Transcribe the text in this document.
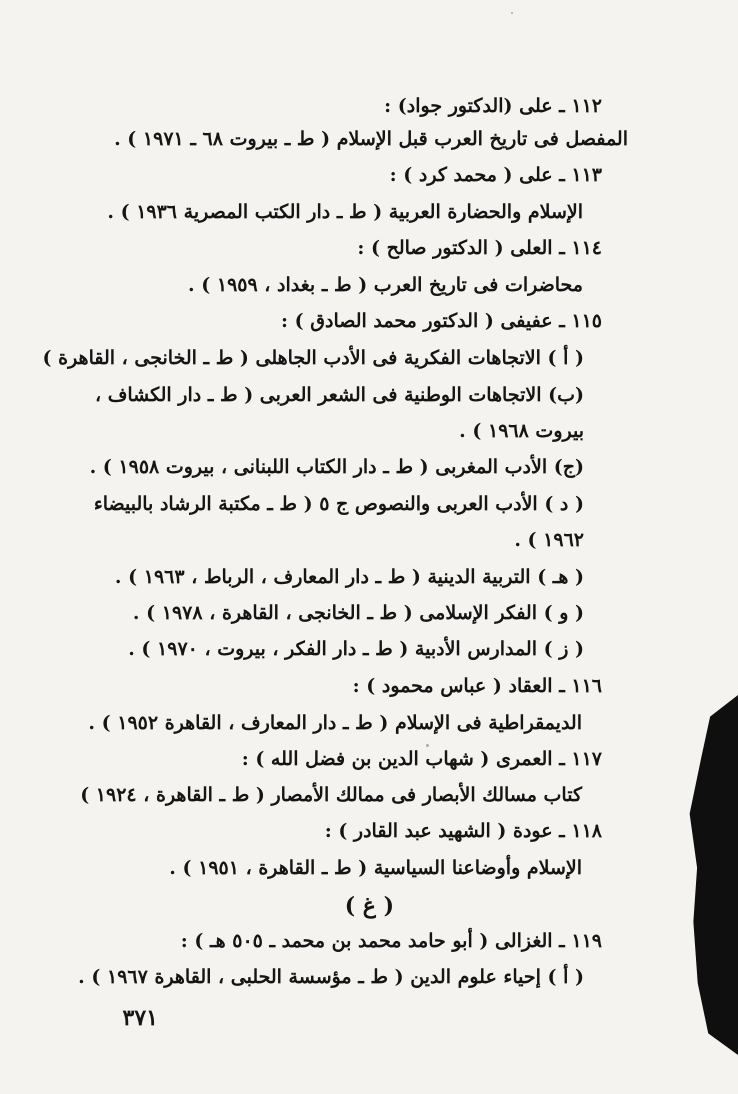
١١٢ ـ على (الدكتور جواد) :
المفصل فى تاريخ العرب قبل الإسلام ( ط ـ بيروت ٦٨ ـ ١٩٧١ ) .
١١٣ ـ على ( محمد كرد ) :
الإسلام والحضارة العربية ( ط ـ دار الكتب المصرية ١٩٣٦ ) .
١١٤ ـ العلى ( الدكتور صالح ) :
محاضرات فى تاريخ العرب ( ط ـ بغداد ، ١٩٥٩ ) .
١١٥ ـ عفيفى ( الدكتور محمد الصادق ) :
( أ ) الاتجاهات الفكرية فى الأدب الجاهلى ( ط ـ الخانجى ، القاهرة )
(ب) الاتجاهات الوطنية فى الشعر العربى ( ط ـ دار الكشاف ،
بيروت ١٩٦٨ ) .
(ج) الأدب المغربى ( ط ـ دار الكتاب اللبنانى ، بيروت ١٩٥٨ ) .
( د ) الأدب العربى والنصوص ج ٥ ( ط ـ مكتبة الرشاد بالبيضاء
١٩٦٢ ) .
( هـ ) التربية الدينية ( ط ـ دار المعارف ، الرباط ، ١٩٦٣ ) .
( و ) الفكر الإسلامى ( ط ـ الخانجى ، القاهرة ، ١٩٧٨ ) .
( ز ) المدارس الأدبية ( ط ـ دار الفكر ، بيروت ، ١٩٧٠ ) .
١١٦ ـ العقاد ( عباس محمود ) :
الديمقراطية فى الإسلام ( ط ـ دار المعارف ، القاهرة ١٩٥٢ ) .
١١٧ ـ العمرى ( شهاب الدين بن فضل الله ) :
كتاب مسالك الأبصار فى ممالك الأمصار ( ط ـ القاهرة ، ١٩٢٤ )
١١٨ ـ عودة ( الشهيد عبد القادر ) :
الإسلام وأوضاعنا السياسية ( ط ـ القاهرة ، ١٩٥١ ) .
( غ )
١١٩ ـ الغزالى ( أبو حامد محمد بن محمد ـ ٥٠٥ هـ ) :
( أ ) إحياء علوم الدين ( ط ـ مؤسسة الحلبى ، القاهرة ١٩٦٧ ) .
٣٧١
